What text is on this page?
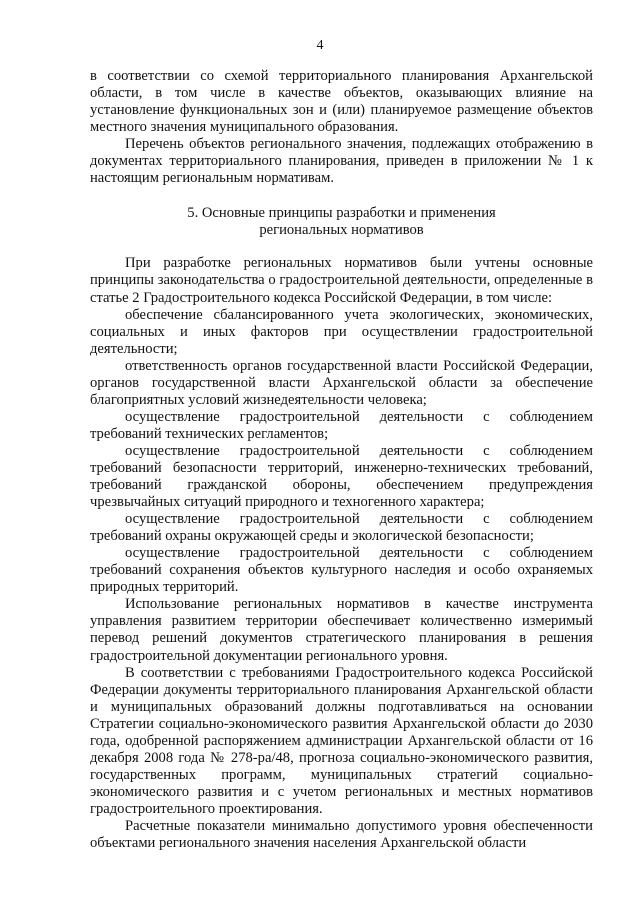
4

в соответствии со схемой территориального планирования Архангельской области, в том числе в качестве объектов, оказывающих влияние на установление функциональных зон и (или) планируемое размещение объектов местного значения муниципального образования.

Перечень объектов регионального значения, подлежащих отображению в документах территориального планирования, приведен в приложении № 1 к настоящим региональным нормативам.

5. Основные принципы разработки и применения
региональных нормативов

При разработке региональных нормативов были учтены основные принципы законодательства о градостроительной деятельности, определенные в статье 2 Градостроительного кодекса Российской Федерации, в том числе:

обеспечение сбалансированного учета экологических, экономических, социальных и иных факторов при осуществлении градостроительной деятельности;

ответственность органов государственной власти Российской Федерации, органов государственной власти Архангельской области за обеспечение благоприятных условий жизнедеятельности человека;

осуществление градостроительной деятельности с соблюдением требований технических регламентов;

осуществление градостроительной деятельности с соблюдением требований безопасности территорий, инженерно-технических требований, требований гражданской обороны, обеспечением предупреждения чрезвычайных ситуаций природного и техногенного характера;

осуществление градостроительной деятельности с соблюдением требований охраны окружающей среды и экологической безопасности;

осуществление градостроительной деятельности с соблюдением требований сохранения объектов культурного наследия и особо охраняемых природных территорий.

Использование региональных нормативов в качестве инструмента управления развитием территории обеспечивает количественно измеримый перевод решений документов стратегического планирования в решения градостроительной документации регионального уровня.

В соответствии с требованиями Градостроительного кодекса Российской Федерации документы территориального планирования Архангельской области и муниципальных образований должны подготавливаться на основании Стратегии социально-экономического развития Архангельской области до 2030 года, одобренной распоряжением администрации Архангельской области от 16 декабря 2008 года № 278-ра/48, прогноза социально-экономического развития, государственных программ, муниципальных стратегий социально-экономического развития и с учетом региональных и местных нормативов градостроительного проектирования.

Расчетные показатели минимально допустимого уровня обеспеченности объектами регионального значения населения Архангельской области
